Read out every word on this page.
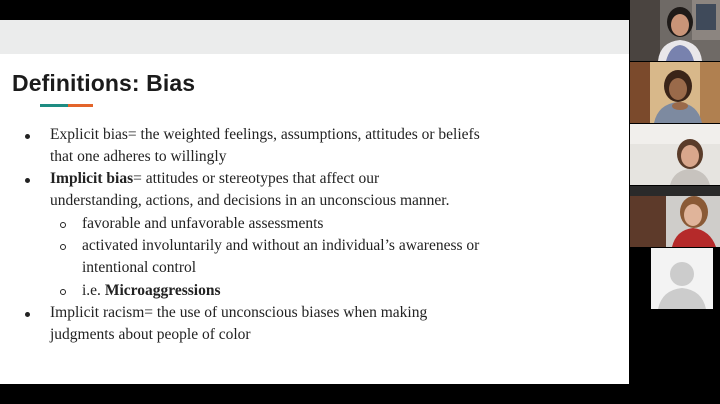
Definitions: Bias
Explicit bias= the weighted feelings, assumptions, attitudes or beliefs
that one adheres to willingly
Implicit bias= attitudes or stereotypes that affect our
understanding, actions, and decisions in an unconscious manner.
favorable and unfavorable assessments
activated involuntarily and without an individual’s awareness or
intentional control
i.e. Microaggressions
Implicit racism= the use of unconscious biases when making
judgments about people of color
